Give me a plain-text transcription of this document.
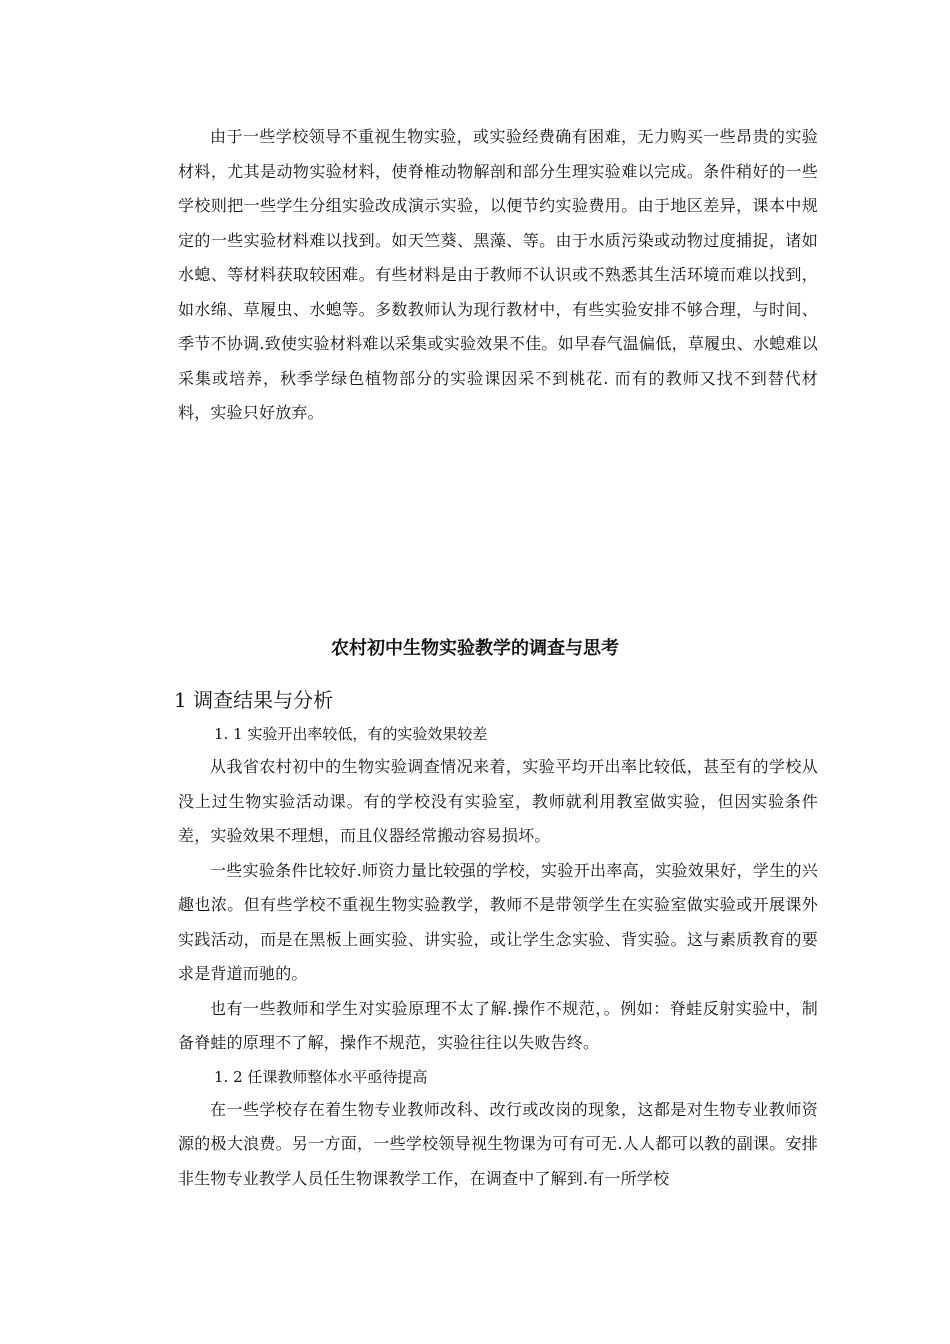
由于一些学校领导不重视生物实验，或实验经费确有困难，无力购买一些昂贵的实验材料，尤其是动物实验材料，使脊椎动物解剖和部分生理实验难以完成。条件稍好的一些学校则把一些学生分组实验改成演示实验，以便节约实验费用。由于地区差异，课本中规定的一些实验材料难以找到。如天竺葵、黑藻、等。由于水质污染或动物过度捕捉，诸如水螅、等材料获取较困难。有些材料是由于教师不认识或不熟悉其生活环境而难以找到，如水绵、草履虫、水螅等。多数教师认为现行教材中，有些实验安排不够合理，与时间、季节不协调.致使实验材料难以采集或实验效果不佳。如早春气温偏低，草履虫、水螅难以采集或培养，秋季学绿色植物部分的实验课因采不到桃花. 而有的教师又找不到替代材料，实验只好放弃。

农村初中生物实验教学的调查与思考
1 调查结果与分析
1. 1 实验开出率较低，有的实验效果较差

从我省农村初中的生物实验调查情况来着，实验平均开出率比较低，甚至有的学校从没上过生物实验活动课。有的学校没有实验室，教师就利用教室做实验，但因实验条件差，实验效果不理想，而且仪器经常搬动容易损坏。

一些实验条件比较好.师资力量比较强的学校，实验开出率高，实验效果好，学生的兴趣也浓。但有些学校不重视生物实验教学，教师不是带领学生在实验室做实验或开展课外实践活动，而是在黑板上画实验、讲实验，或让学生念实验、背实验。这与素质教育的要求是背道而驰的。

也有一些教师和学生对实验原理不太了解.操作不规范，。例如：脊蛙反射实验中，制备脊蛙的原理不了解，操作不规范，实验往往以失败告终。

1. 2 任课教师整体水平亟待提高

在一些学校存在着生物专业教师改科、改行或改岗的现象，这都是对生物专业教师资源的极大浪费。另一方面，一些学校领导视生物课为可有可无.人人都可以教的副课。安排非生物专业教学人员任生物课教学工作，在调查中了解到.有一所学校
